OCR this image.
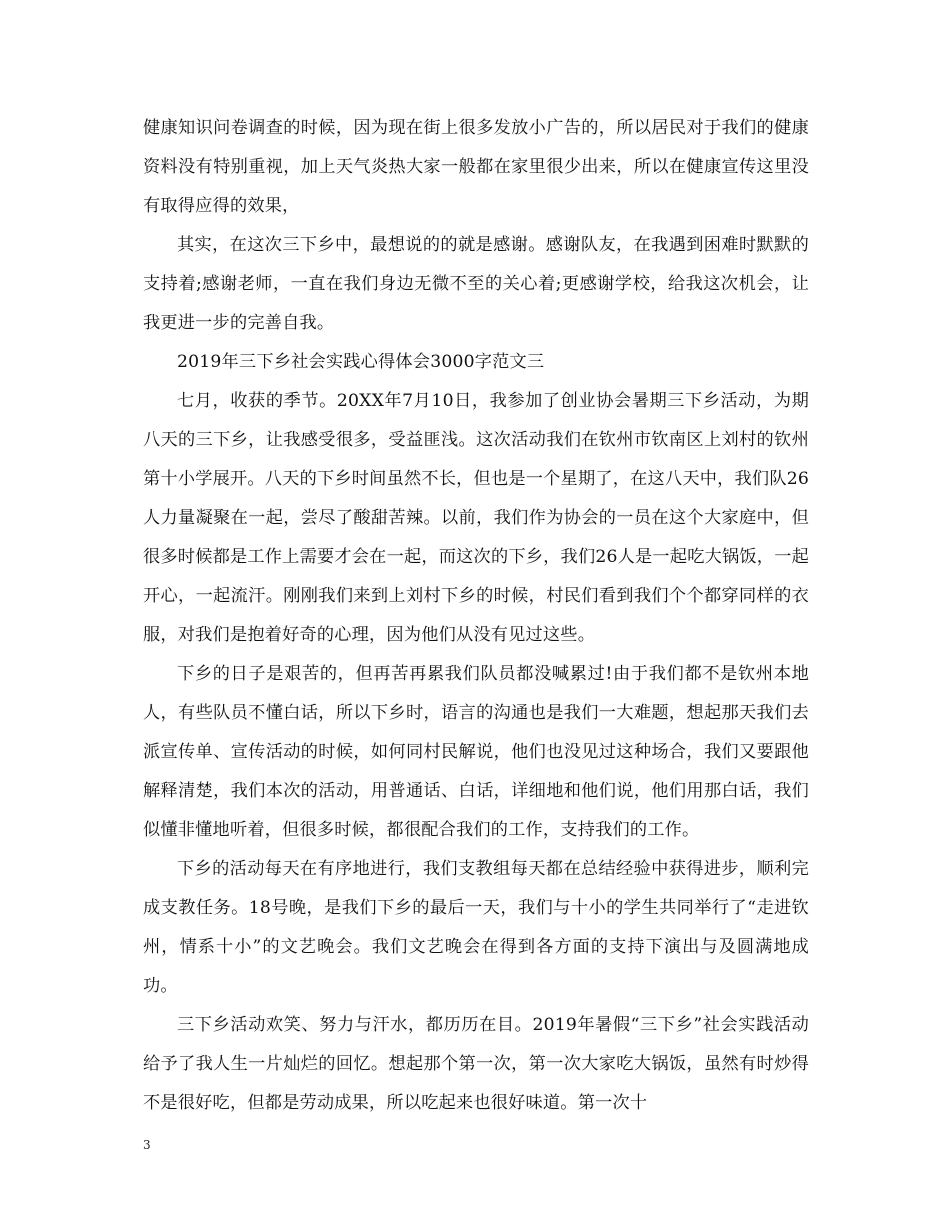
健康知识问卷调查的时候，因为现在街上很多发放小广告的，所以居民对于我们的健康资料没有特别重视，加上天气炎热大家一般都在家里很少出来，所以在健康宣传这里没有取得应得的效果，

其实，在这次三下乡中，最想说的的就是感谢。感谢队友，在我遇到困难时默默的支持着;感谢老师，一直在我们身边无微不至的关心着;更感谢学校，给我这次机会，让我更进一步的完善自我。

2019年三下乡社会实践心得体会3000字范文三

七月，收获的季节。20XX年7月10日，我参加了创业协会暑期三下乡活动，为期八天的三下乡，让我感受很多，受益匪浅。这次活动我们在钦州市钦南区上刘村的钦州第十小学展开。八天的下乡时间虽然不长，但也是一个星期了，在这八天中，我们队26人力量凝聚在一起，尝尽了酸甜苦辣。以前，我们作为协会的一员在这个大家庭中，但很多时候都是工作上需要才会在一起，而这次的下乡，我们26人是一起吃大锅饭，一起开心，一起流汗。刚刚我们来到上刘村下乡的时候，村民们看到我们个个都穿同样的衣服，对我们是抱着好奇的心理，因为他们从没有见过这些。

下乡的日子是艰苦的，但再苦再累我们队员都没喊累过!由于我们都不是钦州本地人，有些队员不懂白话，所以下乡时，语言的沟通也是我们一大难题，想起那天我们去派宣传单、宣传活动的时候，如何同村民解说，他们也没见过这种场合，我们又要跟他解释清楚，我们本次的活动，用普通话、白话，详细地和他们说，他们用那白话，我们似懂非懂地听着，但很多时候，都很配合我们的工作，支持我们的工作。

下乡的活动每天在有序地进行，我们支教组每天都在总结经验中获得进步，顺利完成支教任务。18号晚，是我们下乡的最后一天，我们与十小的学生共同举行了“走进钦州，情系十小”的文艺晚会。我们文艺晚会在得到各方面的支持下演出与及圆满地成功。

三下乡活动欢笑、努力与汗水，都历历在目。2019年暑假“三下乡”社会实践活动给予了我人生一片灿烂的回忆。想起那个第一次，第一次大家吃大锅饭，虽然有时炒得不是很好吃，但都是劳动成果，所以吃起来也很好味道。第一次十

3
